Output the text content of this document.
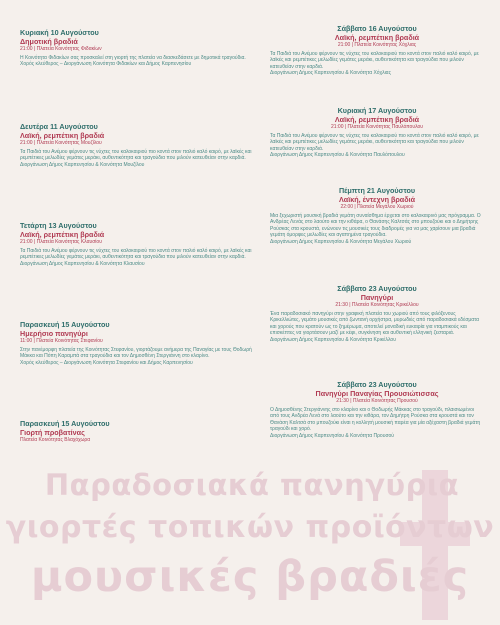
Κυριακή 10 Αυγούστου
Δημοτική βραδιά
21:00 | Πλατεία Κοινότητας Φιδακίων
Η Κοινότητα Φιδακίων σας προσκαλεί στη γιορτή της πλατεία να διασκεδάσετε με δημοτικά τραγούδια.
Χορός κλεύθερος – Διοργάνωση Κοινότητα Φιδακίων και Δήμος Καρπενησίου
Δευτέρα 11 Αυγούστου
Λαϊκή, ρεμπέτικη βραδιά
21:00 | Πλατεία Κοινότητας Μουζίλου
Τα Παιδιά του Ανέμου φέρνουν τις νύχτες του καλοκαιριού πιο κοντά στον παλιό καλό καιρό, με λαϊκές και ρεμπέτικες μελωδίες γεμάτες μεράκι, αυθεντικότητα και τραγούδια που μιλούν κατευθείαν στην καρδιά.
Διοργάνωση Δήμος Καρπενησίου & Κοινότητα Μουζίλου
Τετάρτη 13 Αυγούστου
Λαϊκή, ρεμπέτικη βραδιά
21:00 | Πλατεία Κοινότητας Κλαυσίου
Τα Παιδιά του Ανέμου φέρνουν τις νύχτες του καλοκαιριού πιο κοντά στον παλιό καλό καιρό, με λαϊκές και ρεμπέτικες μελωδίες γεμάτες μεράκι, αυθεντικότητα και τραγούδια που μιλούν κατευθείαν στην καρδιά.
Διοργάνωση Δήμος Καρπενησίου & Κοινότητα Κλαυσίου
Παρασκευή 15 Αυγούστου
Ημερήσιο πανηγύρι
11:00 | Πλατεία Κοινότητας Στεφανίου
Στην πανέμορφη πλατεία της Κοινότητας Στεφανίου, γιορτάζουμε ανήμερα της Παναγίας με τους Θοδωρή Μάκκα και Πόπη Καραμπά στα τραγούδια και τον Δημοσθένη Στεργιάννη στο κλαρίνο.
Χορός κλεύθερος – Διοργάνωση Κοινότητα Στεφανίου και Δήμος Καρπενησίου
Παρασκευή 15 Αυγούστου
Γιορτή προβατίνας
Πλατεία Κοινότητας Βλαχόχωρα
Σάββατο 16 Αυγούστου
Λαϊκή, ρεμπέτικη βραδιά
21:00 | Πλατεία Κοινότητας Χόχλιας
Τα Παιδιά του Ανέμου φέρνουν τις νύχτες του καλοκαιριού πιο κοντά στον παλιό καλό καιρό, με λαϊκές και ρεμπέτικες μελωδίες γεμάτες μεράκι, αυθεντικότητα και τραγούδια που μιλούν κατευθείαν στην καρδιά.
Διοργάνωση Δήμος Καρπενησίου & Κοινότητα Χόχλιας
Κυριακή 17 Αυγούστου
Λαϊκή, ρεμπέτικη βραδιά
21:00 | Πλατεία Κοινότητας Παυλόπουλου
Τα Παιδιά του Ανέμου φέρνουν τις νύχτες του καλοκαιριού πιο κοντά στον παλιό καλό καιρό, με λαϊκές και ρεμπέτικες μελωδίες γεμάτες μεράκι, αυθεντικότητα και τραγούδια που μιλούν κατευθείαν στην καρδιά.
Διοργάνωση Δήμος Καρπενησίου & Κοινότητα Παυλόπουλου
Πέμπτη 21 Αυγούστου
Λαϊκή, έντεχνη βραδιά
22:00 | Πλατεία Μεγάλου Χωριού
Μια ξεχωριστή μουσική βραδιά γεμάτη συναίσθημα έρχεται στο καλοκαιρινό μας πρόγραμμα. Ο Ανδρέας Λενάς στο λαούτο και την κιθάρα, ο Θανάσης Καλτσάς στο μπουζούκι και ο Δημήτρης Ρούσκας στα κρουστά, ενώνουν τις μουσικές τους διαδρομές για να μας χαρίσουν μια βραδιά γεμάτη όμορφες μελωδίες και αγαπημένα τραγούδια.
Διοργάνωση Δήμος Καρπενησίου & Κοινότητα Μεγάλου Χωριού
Σάββατο 23 Αυγούστου
Πανηγύρι
21:30 | Πλατεία Κοινότητας Κρικέλλου
Ένα παραδοσιακό πανηγύρι στην γραφική πλατεία του χωριού από τους φιλόξενους Κρικελλιώτες, γεμάτο μουσικές από ζωντανή ορχήστρα, μυρωδιές από παραδοσιακά εδέσματα και χορούς που κρατούν ως το ξημέρωμα, αποτελεί μοναδική ευκαιρία για νταμπικούς και επισκέπτες να γιορτάσουν μαζί με κέφι, συγκίνηση και αυθεντική ελληνική ζεσταριά.
Διοργάνωση Δήμος Καρπενησίου & Κοινότητα Κρικέλλου
Σάββατο 23 Αυγούστου
Πανηγύρι Παναγίας Προυσιώτισσας
21:30 | Πλατεία Κοινότητας Προυσού
Ο Δημοσθένης Στεργιάννης στο κλαρίνο και ο Θοδωρής Μάκκας στο τραγούδι, πλαισιωμένοι από τους Ανδρέα Λενά στο λαούτο και την κιθάρα, τον Δημήτρη Ρούσκα στα κρουστά και τον Θανάση Καλτσά στο μπουζούκι είναι η κολλητή μουσική παρέα για μία αξέχαστη βραδιά γεμάτη τραγούδι και χορό.
Διοργάνωση Δήμος Καρπενησίου & Κοινότητα Προυσού
Παραδοσιακά πανηγύρια
γιορτές τοπικών προϊόντων
μουσικές βραδιές
